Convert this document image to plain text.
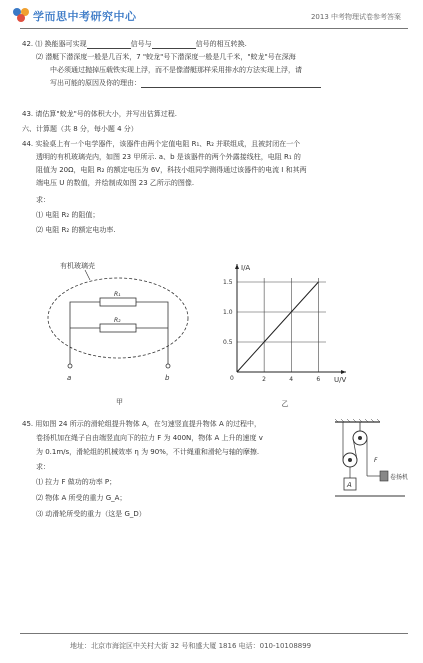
学而思中考研究中心	2013 中考物理试卷参考答案
42. ⑴ 换能器可实现	信号与	信号的相互转换.
⑵ 潜艇下潜深度一般是几百米，7 "蛟龙"号下潜深度一般是几千米，"蛟龙"号在深海
中必须通过抛掉压载铁实现上浮，而不是像潜艇那样采用排水的方法实现上浮，请
写出可能的原因及你的理由：
43. 请估算"蛟龙"号的体积大小，并写出估算过程.
六、计算题（共 8 分，每小题 4 分）
44. 实验桌上有一个电学器件，该器件由两个定值电阻 R₁、R₂ 并联组成，且被封闭在一个
透明的有机玻璃壳内，如图 23 甲所示. a、b 是该器件的两个外露接线柱，电阻 R₁ 的
阻值为 20Ω，电阻 R₂ 的额定电压为 6V，科技小组同学测得通过该器件的电流 I 和其两
端电压 U 的数值，并绘制成如图 23 乙所示的图像.
求：
⑴ 电阻 R₂ 的阻值；
⑵ 电阻 R₂ 的额定电功率.
有机玻璃壳
R₁
R₂
a	b
甲
0.5
1.0
1.5
2	4	6
I/A
U/V
0
乙
45. 用如图 24 所示的滑轮组提升物体 A，在匀速竖直提升物体 A 的过程中，
卷扬机加在绳子自由端竖直向下的拉力 F 为 400N，物体 A 上升的速度 v
为 0.1m/s，滑轮组的机械效率 η 为 90%，不计绳重和滑轮与轴的摩擦.
求：
⑴ 拉力 F 做功的功率 P；
⑵ 物体 A 所受的重力 G_A；
⑶ 动滑轮所受的重力（这是 G_D）
A
F
卷扬机
地址：北京市海淀区中关村大街 32 号和盛大厦 1816 电话：010-10108899
